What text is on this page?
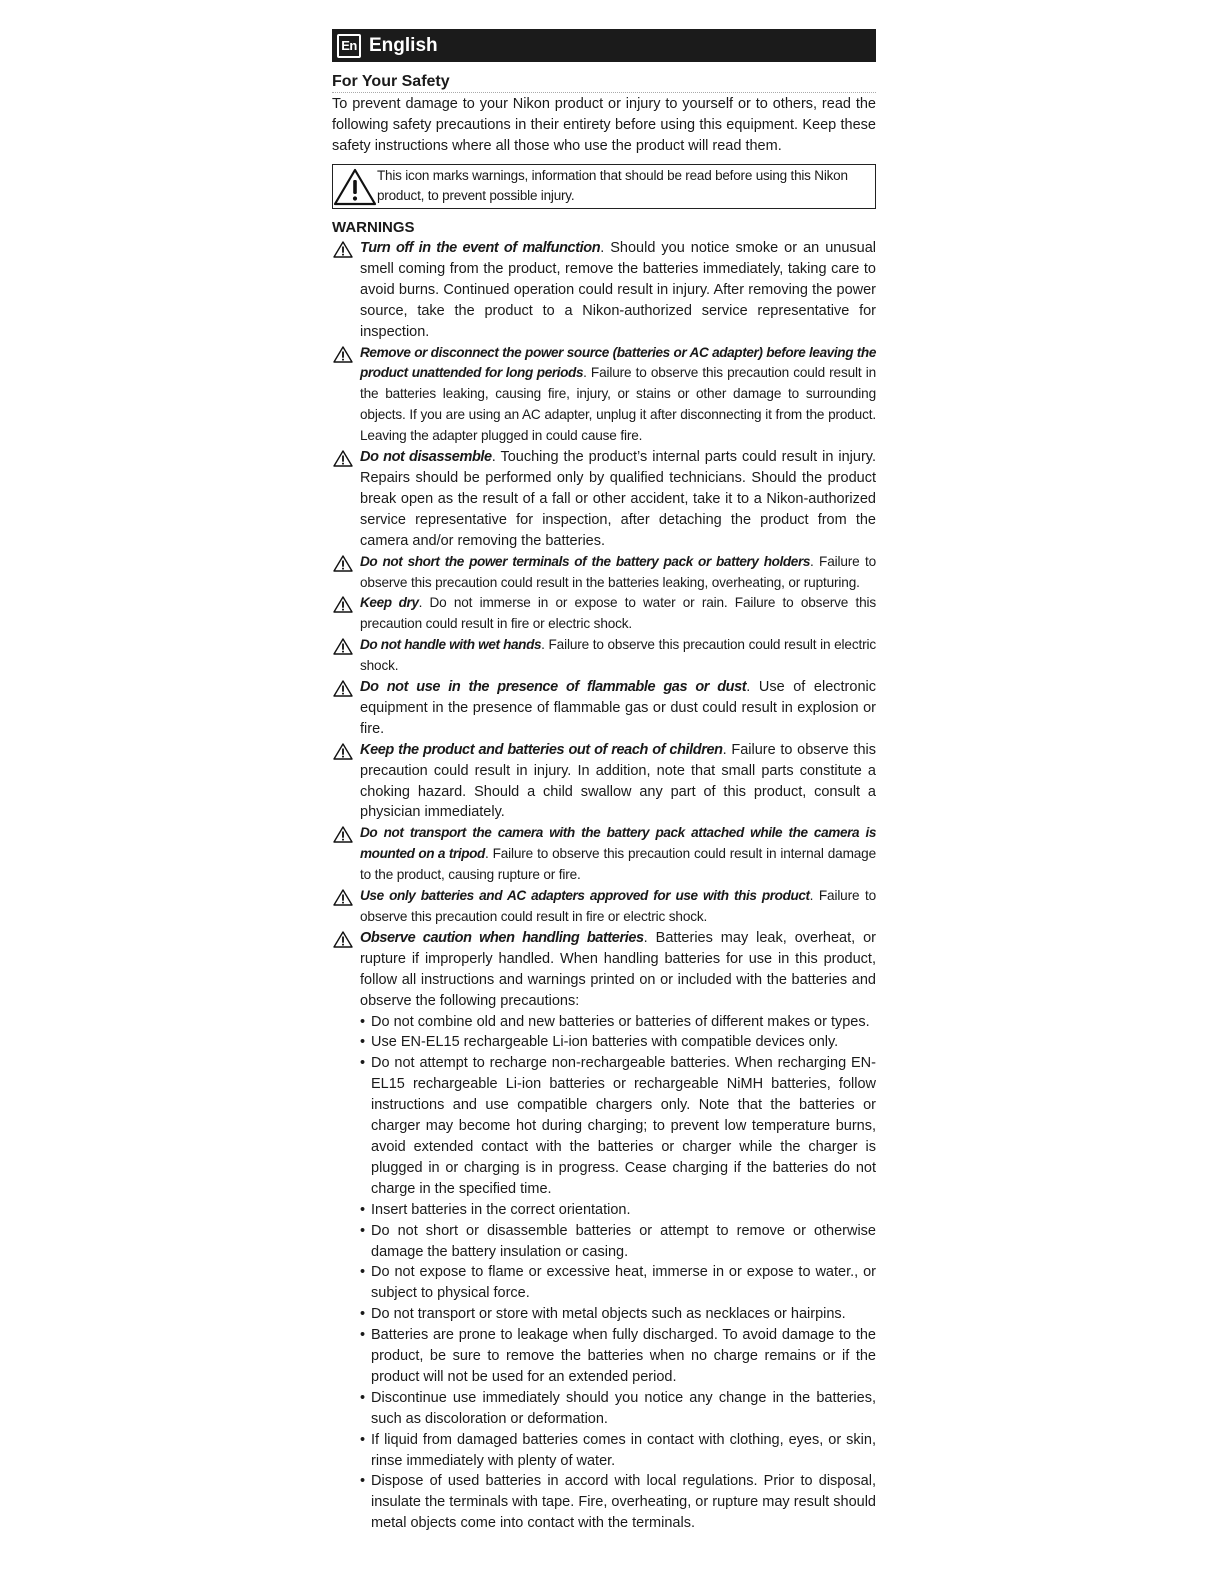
En English
For Your Safety

To prevent damage to your Nikon product or injury to yourself or to others, read the following safety precautions in their entirety before using this equipment. Keep these safety instructions where all those who use the product will read them.

This icon marks warnings, information that should be read before using this Nikon product, to prevent possible injury.
WARNINGS
Turn off in the event of malfunction. Should you notice smoke or an unusual smell coming from the product, remove the batteries immediately, taking care to avoid burns. Continued operation could result in injury. After removing the power source, take the product to a Nikon-authorized service representative for inspection.
Remove or disconnect the power source (batteries or AC adapter) before leaving the product unattended for long periods. Failure to observe this precaution could result in the batteries leaking, causing fire, injury, or stains or other damage to surrounding objects. If you are using an AC adapter, unplug it after disconnecting it from the product. Leaving the adapter plugged in could cause fire.
Do not disassemble. Touching the product’s internal parts could result in injury. Repairs should be performed only by qualified technicians. Should the product break open as the result of a fall or other accident, take it to a Nikon-authorized service representative for inspection, after detaching the product from the camera and/or removing the batteries.
Do not short the power terminals of the battery pack or battery holders. Failure to observe this precaution could result in the batteries leaking, overheating, or rupturing.
Keep dry. Do not immerse in or expose to water or rain. Failure to observe this precaution could result in fire or electric shock.
Do not handle with wet hands. Failure to observe this precaution could result in electric shock.
Do not use in the presence of flammable gas or dust. Use of electronic equipment in the presence of flammable gas or dust could result in explosion or fire.
Keep the product and batteries out of reach of children. Failure to observe this precaution could result in injury. In addition, note that small parts constitute a choking hazard. Should a child swallow any part of this product, consult a physician immediately.
Do not transport the camera with the battery pack attached while the camera is mounted on a tripod. Failure to observe this precaution could result in internal damage to the product, causing rupture or fire.
Use only batteries and AC adapters approved for use with this product. Failure to observe this precaution could result in fire or electric shock.
Observe caution when handling batteries. Batteries may leak, overheat, or rupture if improperly handled. When handling batteries for use in this product, follow all instructions and warnings printed on or included with the batteries and observe the following precautions:
• Do not combine old and new batteries or batteries of different makes or types.
• Use EN-EL15 rechargeable Li-ion batteries with compatible devices only.
• Do not attempt to recharge non-rechargeable batteries. When recharging EN-EL15 rechargeable Li-ion batteries or rechargeable NiMH batteries, follow instructions and use compatible chargers only. Note that the batteries or charger may become hot during charging; to prevent low temperature burns, avoid extended contact with the batteries or charger while the charger is plugged in or charging is in progress. Cease charging if the batteries do not charge in the specified time.
• Insert batteries in the correct orientation.
• Do not short or disassemble batteries or attempt to remove or otherwise damage the battery insulation or casing.
• Do not expose to flame or excessive heat, immerse in or expose to water., or subject to physical force.
• Do not transport or store with metal objects such as necklaces or hairpins.
• Batteries are prone to leakage when fully discharged. To avoid damage to the product, be sure to remove the batteries when no charge remains or if the product will not be used for an extended period.
• Discontinue use immediately should you notice any change in the batteries, such as discoloration or deformation.
• If liquid from damaged batteries comes in contact with clothing, eyes, or skin, rinse immediately with plenty of water.
• Dispose of used batteries in accord with local regulations. Prior to disposal, insulate the terminals with tape. Fire, overheating, or rupture may result should metal objects come into contact with the terminals.
